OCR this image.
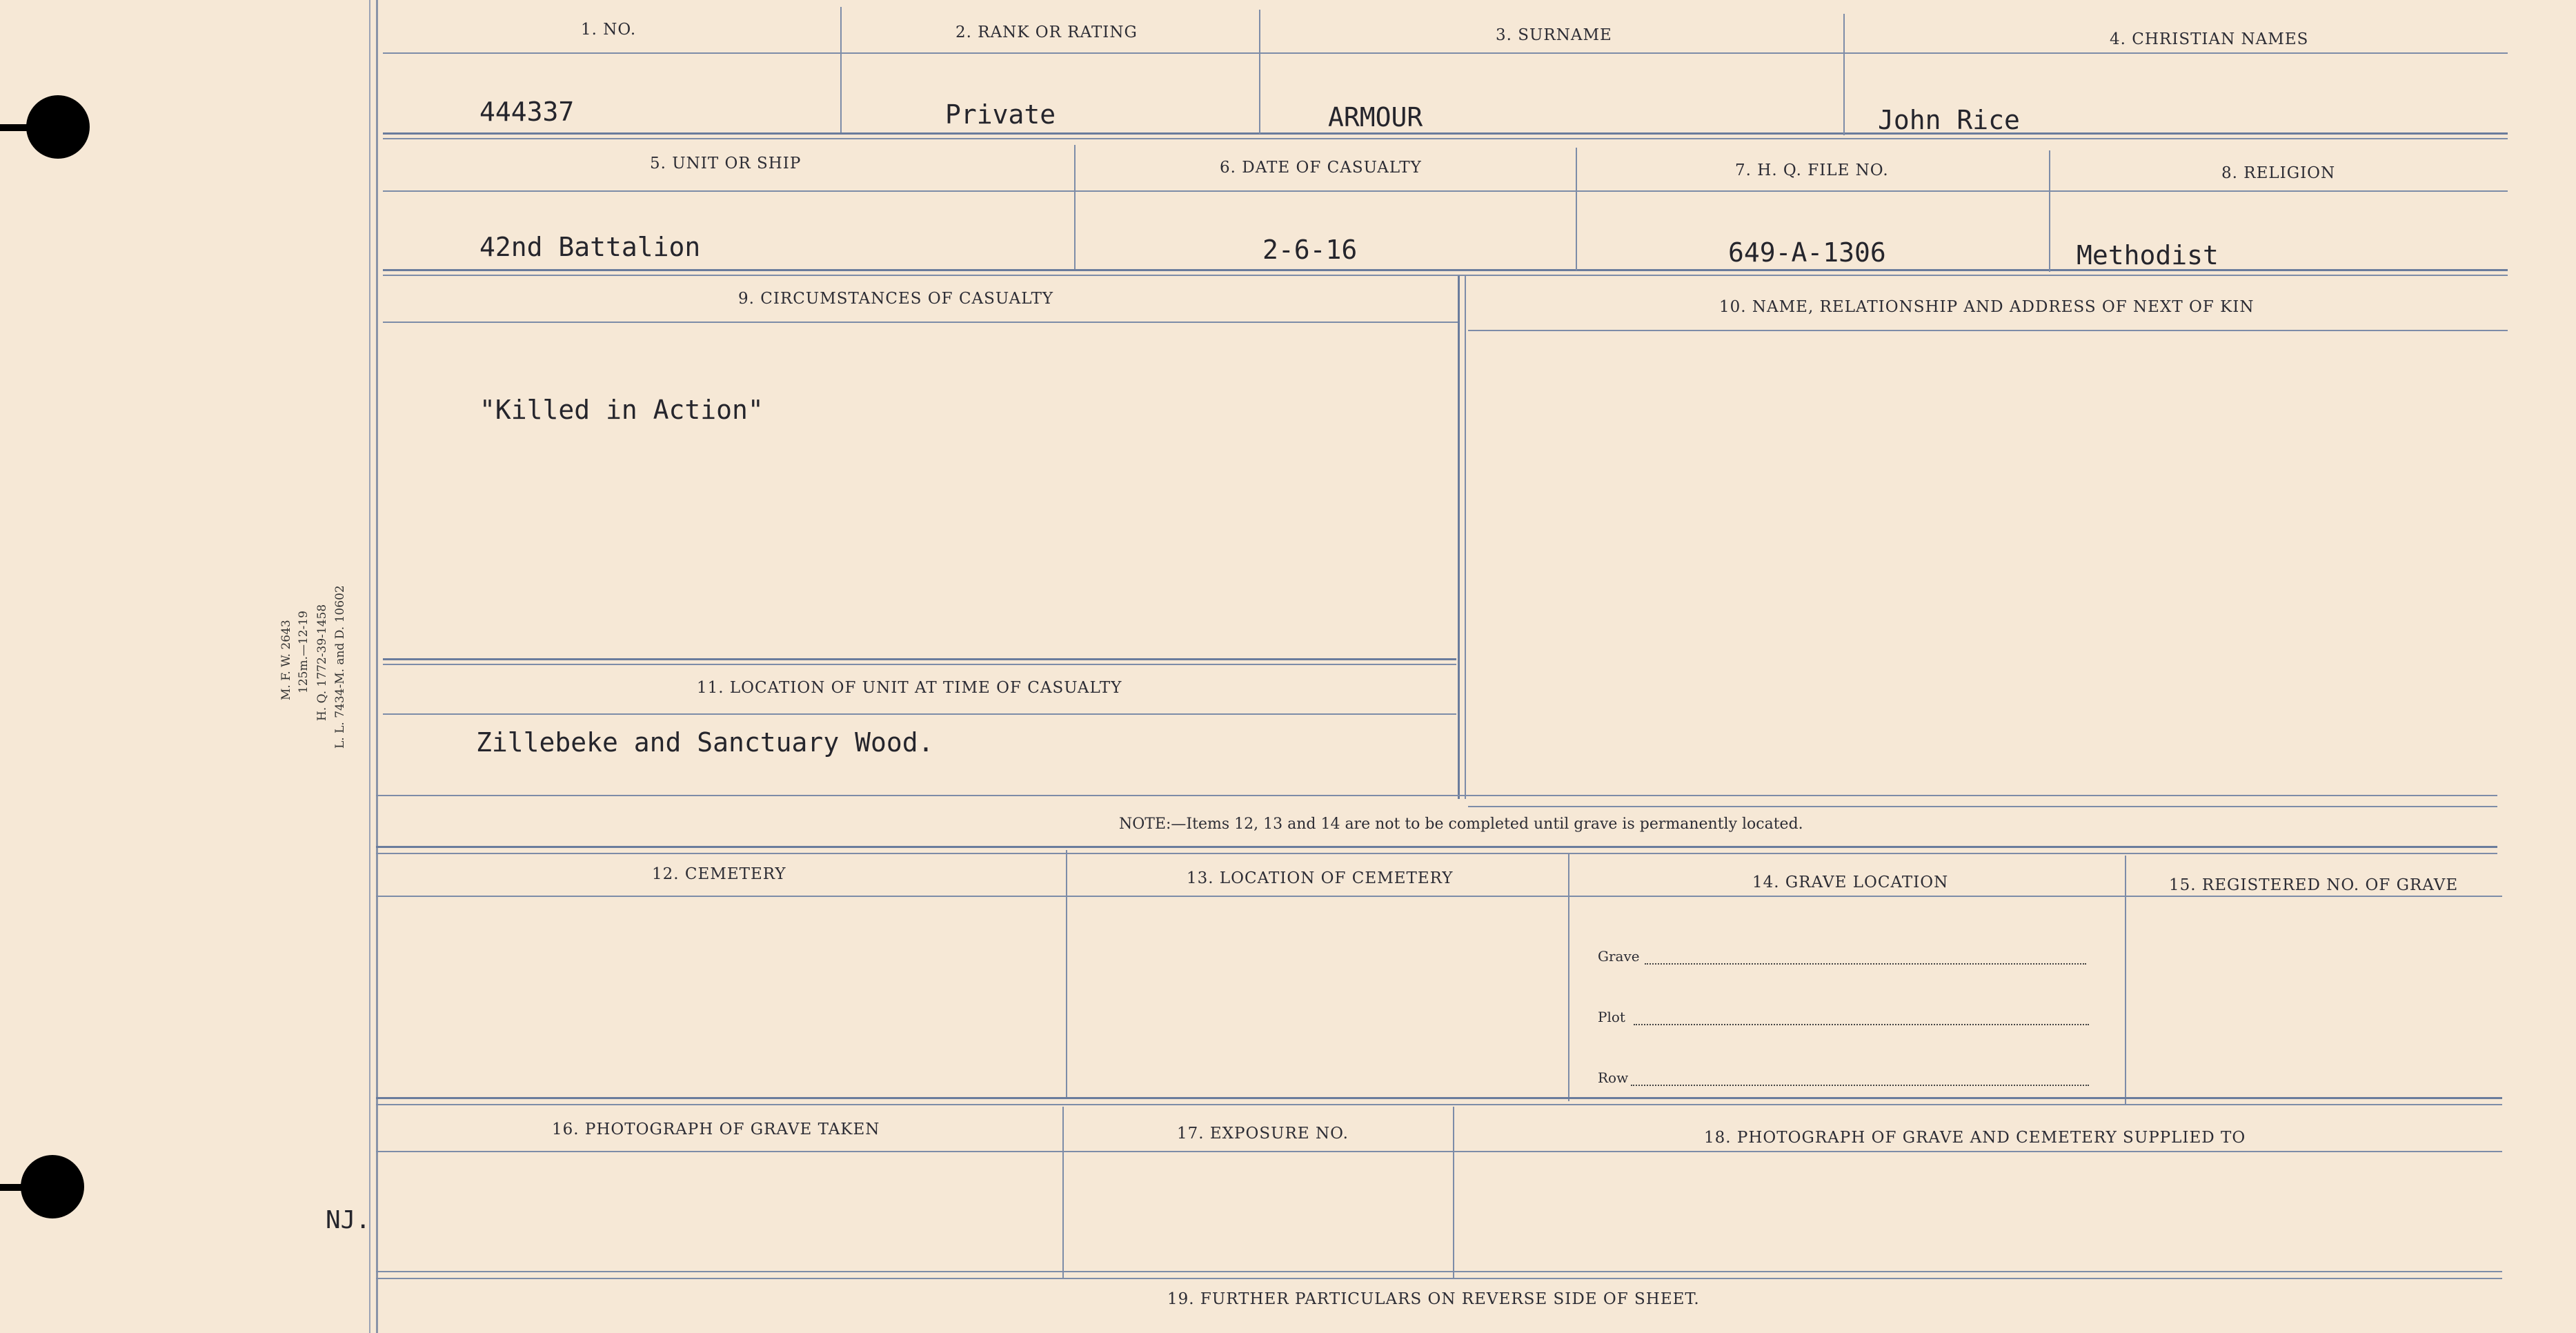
M. F. W. 2643 125m.—12-19 H. Q. 1772-39-1458 L. L. 7434-M. and D. 10602
NJ.
1. NO.	2. RANK OR RATING	3. SURNAME	4. CHRISTIAN NAMES
444337	Private	ARMOUR	John Rice
5. UNIT OR SHIP	6. DATE OF CASUALTY	7. H. Q. FILE NO.	8. RELIGION
42nd Battalion	2-6-16	649-A-1306	Methodist
9. CIRCUMSTANCES OF CASUALTY	10. NAME, RELATIONSHIP AND ADDRESS OF NEXT OF KIN
"Killed in Action"
11. LOCATION OF UNIT AT TIME OF CASUALTY
Zillebeke and Sanctuary Wood.
NOTE:—Items 12, 13 and 14 are not to be completed until grave is permanently located.
12. CEMETERY	13. LOCATION OF CEMETERY	14. GRAVE LOCATION	15. REGISTERED NO. OF GRAVE
Grave
Plot
Row
16. PHOTOGRAPH OF GRAVE TAKEN	17. EXPOSURE NO.	18. PHOTOGRAPH OF GRAVE AND CEMETERY SUPPLIED TO
19. FURTHER PARTICULARS ON REVERSE SIDE OF SHEET.
